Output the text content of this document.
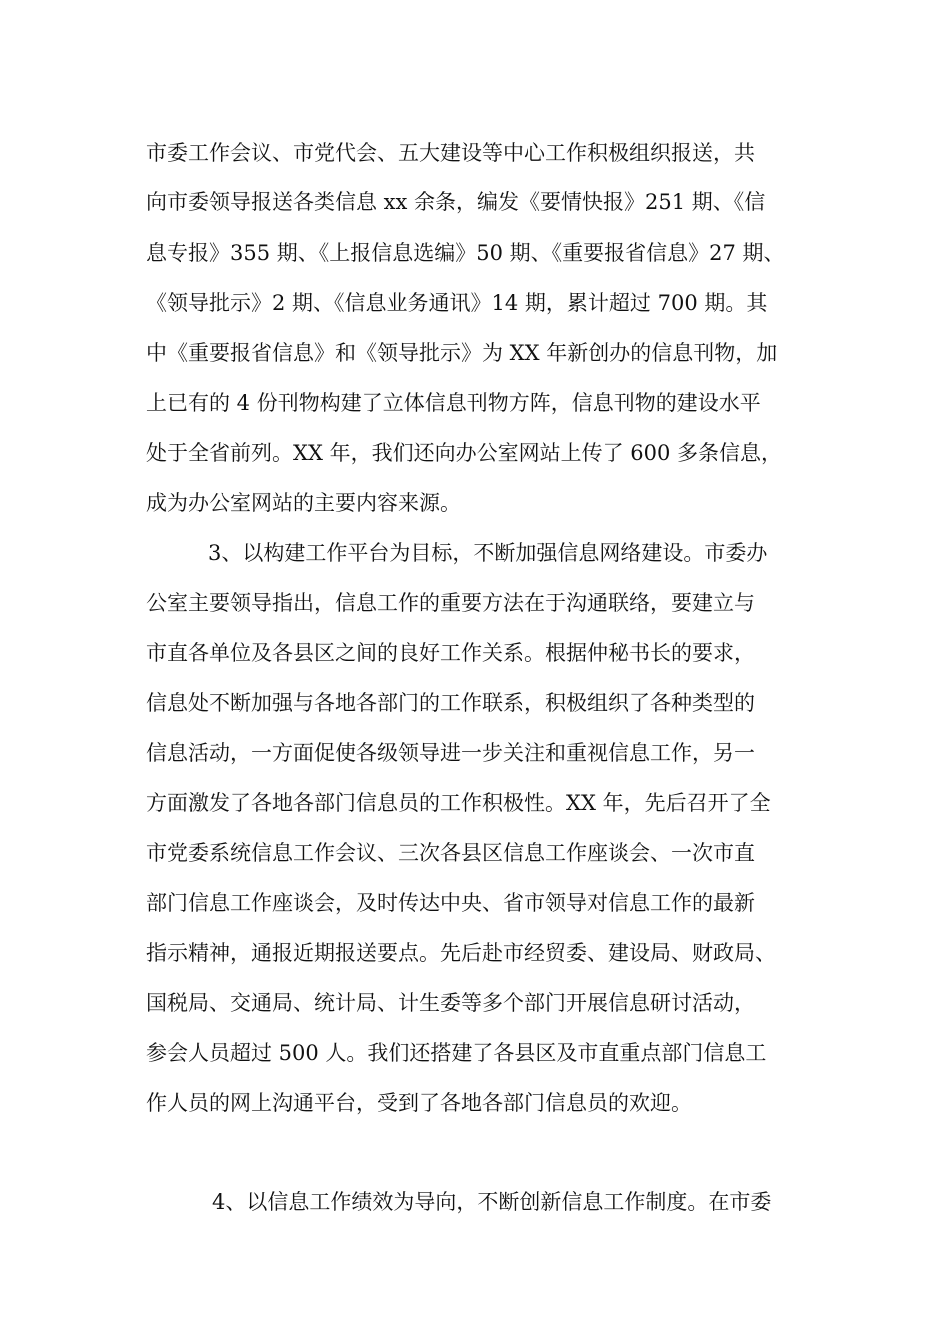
市委工作会议、市党代会、五大建设等中心工作积极组织报送，共
向市委领导报送各类信息 xx 余条，编发《要情快报》251 期、《信
息专报》355 期、《上报信息选编》50 期、《重要报省信息》27 期、
《领导批示》2 期、《信息业务通讯》14 期，累计超过 700 期。其
中《重要报省信息》和《领导批示》为 XX 年新创办的信息刊物，加
上已有的 4 份刊物构建了立体信息刊物方阵，信息刊物的建设水平
处于全省前列。XX 年，我们还向办公室网站上传了 600 多条信息，
成为办公室网站的主要内容来源。
3、以构建工作平台为目标，不断加强信息网络建设。市委办
公室主要领导指出，信息工作的重要方法在于沟通联络，要建立与
市直各单位及各县区之间的良好工作关系。根据仲秘书长的要求，
信息处不断加强与各地各部门的工作联系，积极组织了各种类型的
信息活动，一方面促使各级领导进一步关注和重视信息工作，另一
方面激发了各地各部门信息员的工作积极性。XX 年，先后召开了全
市党委系统信息工作会议、三次各县区信息工作座谈会、一次市直
部门信息工作座谈会，及时传达中央、省市领导对信息工作的最新
指示精神，通报近期报送要点。先后赴市经贸委、建设局、财政局、
国税局、交通局、统计局、计生委等多个部门开展信息研讨活动，
参会人员超过 500 人。我们还搭建了各县区及市直重点部门信息工
作人员的网上沟通平台，受到了各地各部门信息员的欢迎。
4、以信息工作绩效为导向，不断创新信息工作制度。在市委
